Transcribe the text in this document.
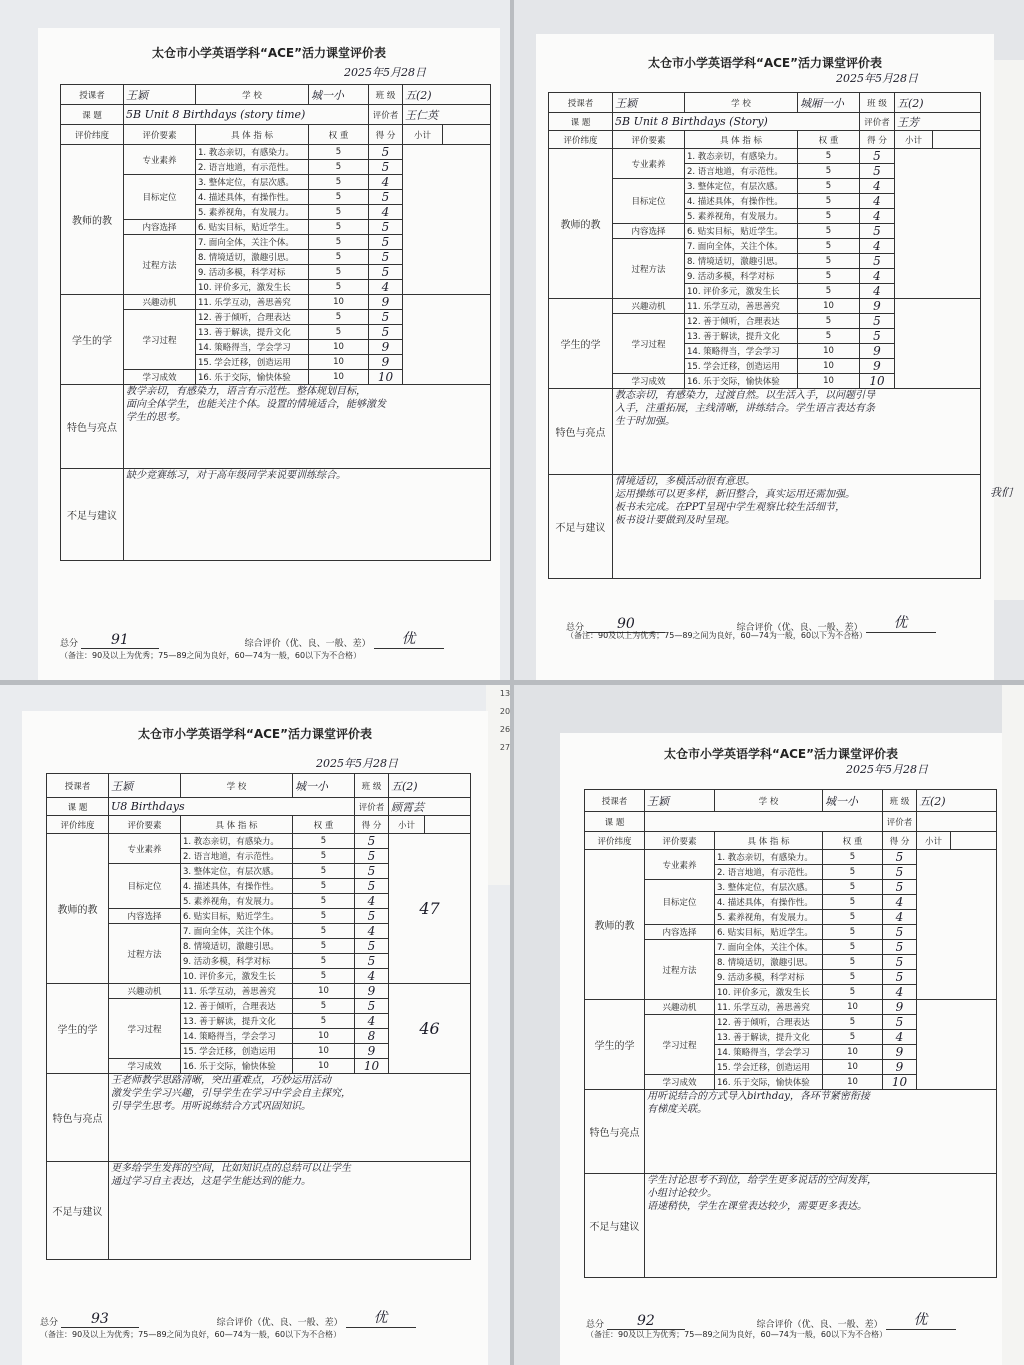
太仓市小学英语学科“ACE”活力课堂评价表
2025年5月28日
授课者	王颖	学 校	城一小	班 级	五(2)	
课 题	5B Unit 8 Birthdays (story time)			评价者	王仁英	
评价纬度	评价要素	具 体 指 标	权 重	得 分	小计	
教师的教	专业素养	1. 教态亲切，有感染力。	5	5		
		2. 语言地道，有示范性。	5	5		
	目标定位	3. 整体定位，有层次感。	5	4		
		4. 描述具体，有操作性。	5	5		
		5. 素养视角，有发展力。	5	4		
	内容选择	6. 贴实目标，贴近学生。	5	5		
	过程方法	7. 面向全体，关注个体。	5	5		
		8. 情境适切，激趣引思。	5	5		
		9. 活动多模，科学对标	5	5		
		10. 评价多元，激发生长	5	4		
学生的学	兴趣动机	11. 乐学互动，善思善究	10	9		
	学习过程	12. 善于倾听，合理表达	5	5		
		13. 善于解读，提升文化	5	5		
		14. 策略得当，学会学习	10	9		
		15. 学会迁移，创造运用	10	9		
	学习成效	16. 乐于交际，愉快体验	10	10		
特色与亮点	教学亲切，有感染力，语言有示范性。整体规划目标，
面向全体学生，也能关注个体。设置的情境适合，能够激发
学生的思考。					

不足与建议	缺少竞赛练习，对于高年级同学来说要训练综合。					
总分 91	综合评价（优、良、一般、差） 优
（备注：90及以上为优秀；75—89之间为良好，60—74为一般，60以下为不合格）
太仓市小学英语学科“ACE”活力课堂评价表
2025年5月28日
授课者	王颖	学 校	城厢一小	班 级	五(2)	
课 题	5B Unit 8 Birthdays (Story)			评价者	王芳	
评价纬度	评价要素	具 体 指 标	权 重	得 分	小计	
教师的教	专业素养	1. 教态亲切，有感染力。	5	5		
		2. 语言地道，有示范性。	5	5		
	目标定位	3. 整体定位，有层次感。	5	4		
		4. 描述具体，有操作性。	5	4		
		5. 素养视角，有发展力。	5	4		
	内容选择	6. 贴实目标，贴近学生。	5	5		
	过程方法	7. 面向全体，关注个体。	5	4		
		8. 情境适切，激趣引思。	5	5		
		9. 活动多模，科学对标	5	4		
		10. 评价多元，激发生长	5	4		
学生的学	兴趣动机	11. 乐学互动，善思善究	10	9		
	学习过程	12. 善于倾听，合理表达	5	5		
		13. 善于解读，提升文化	5	5		
		14. 策略得当，学会学习	10	9		
		15. 学会迁移，创造运用	10	9		
	学习成效	16. 乐于交际，愉快体验	10	10		
特色与亮点	教态亲切，有感染力，过渡自然。以生活入手，以问题引导
入手，注重拓展，主线清晰，讲练结合。学生语言表达有条
生于时加强。					

不足与建议	情境适切，多模活动很有意思。
运用操练可以更多样，新旧整合，真实运用还需加强。
板书未完成。在PPT呈现中学生观察比较生活细节，
板书设计要做到及时呈现。					
总分 90	综合评价（优、良、一般、差） 优
（备注：90及以上为优秀；75—89之间为良好，60—74为一般，60以下为不合格）
我们
13
20
26
27
太仓市小学英语学科“ACE”活力课堂评价表
2025年5月28日
授课者	王颖	学 校	城一小	班 级	五(2)	
课 题	U8 Birthdays			评价者	顾霄芸	
评价纬度	评价要素	具 体 指 标	权 重	得 分	小计	
教师的教	专业素养	1. 教态亲切，有感染力。	5	5	47	
		2. 语言地道，有示范性。	5	5		
	目标定位	3. 整体定位，有层次感。	5	5		
		4. 描述具体，有操作性。	5	5		
		5. 素养视角，有发展力。	5	4		
	内容选择	6. 贴实目标，贴近学生。	5	5		
	过程方法	7. 面向全体，关注个体。	5	4		
		8. 情境适切，激趣引思。	5	5		
		9. 活动多模，科学对标	5	5		
		10. 评价多元，激发生长	5	4		
学生的学	兴趣动机	11. 乐学互动，善思善究	10	9	46	
	学习过程	12. 善于倾听，合理表达	5	5		
		13. 善于解读，提升文化	5	4		
		14. 策略得当，学会学习	10	8		
		15. 学会迁移，创造运用	10	9		
	学习成效	16. 乐于交际，愉快体验	10	10		
特色与亮点	王老师教学思路清晰，突出重难点，巧妙运用活动
激发学生学习兴趣，引导学生在学习中学会自主探究，
引导学生思考。用听说练结合方式巩固知识。					

不足与建议	更多给学生发挥的空间，比如知识点的总结可以让学生
通过学习自主表达，这是学生能达到的能力。					
总分 93	综合评价（优、良、一般、差） 优
（备注：90及以上为优秀；75—89之间为良好，60—74为一般，60以下为不合格）
太仓市小学英语学科“ACE”活力课堂评价表
2025年5月28日
授课者	王颖	学 校	城一小	班 级	五(2)	
课 题				评价者		
评价纬度	评价要素	具 体 指 标	权 重	得 分	小计	
教师的教	专业素养	1. 教态亲切，有感染力。	5	5		
		2. 语言地道，有示范性。	5	5		
	目标定位	3. 整体定位，有层次感。	5	5		
		4. 描述具体，有操作性。	5	4		
		5. 素养视角，有发展力。	5	4		
	内容选择	6. 贴实目标，贴近学生。	5	5		
	过程方法	7. 面向全体，关注个体。	5	5		
		8. 情境适切，激趣引思。	5	5		
		9. 活动多模，科学对标	5	5		
		10. 评价多元，激发生长	5	4		
学生的学	兴趣动机	11. 乐学互动，善思善究	10	9		
	学习过程	12. 善于倾听，合理表达	5	5		
		13. 善于解读，提升文化	5	4		
		14. 策略得当，学会学习	10	9		
		15. 学会迁移，创造运用	10	9		
	学习成效	16. 乐于交际，愉快体验	10	10		
特色与亮点	用听说结合的方式导入birthday，各环节紧密衔接
有梯度关联。					

不足与建议	学生讨论思考不到位，给学生更多说话的空间发挥，
小组讨论较少。
语速稍快，学生在课堂表达较少，需要更多表达。					
总分 92	综合评价（优、良、一般、差） 优
（备注：90及以上为优秀；75—89之间为良好，60—74为一般，60以下为不合格）
